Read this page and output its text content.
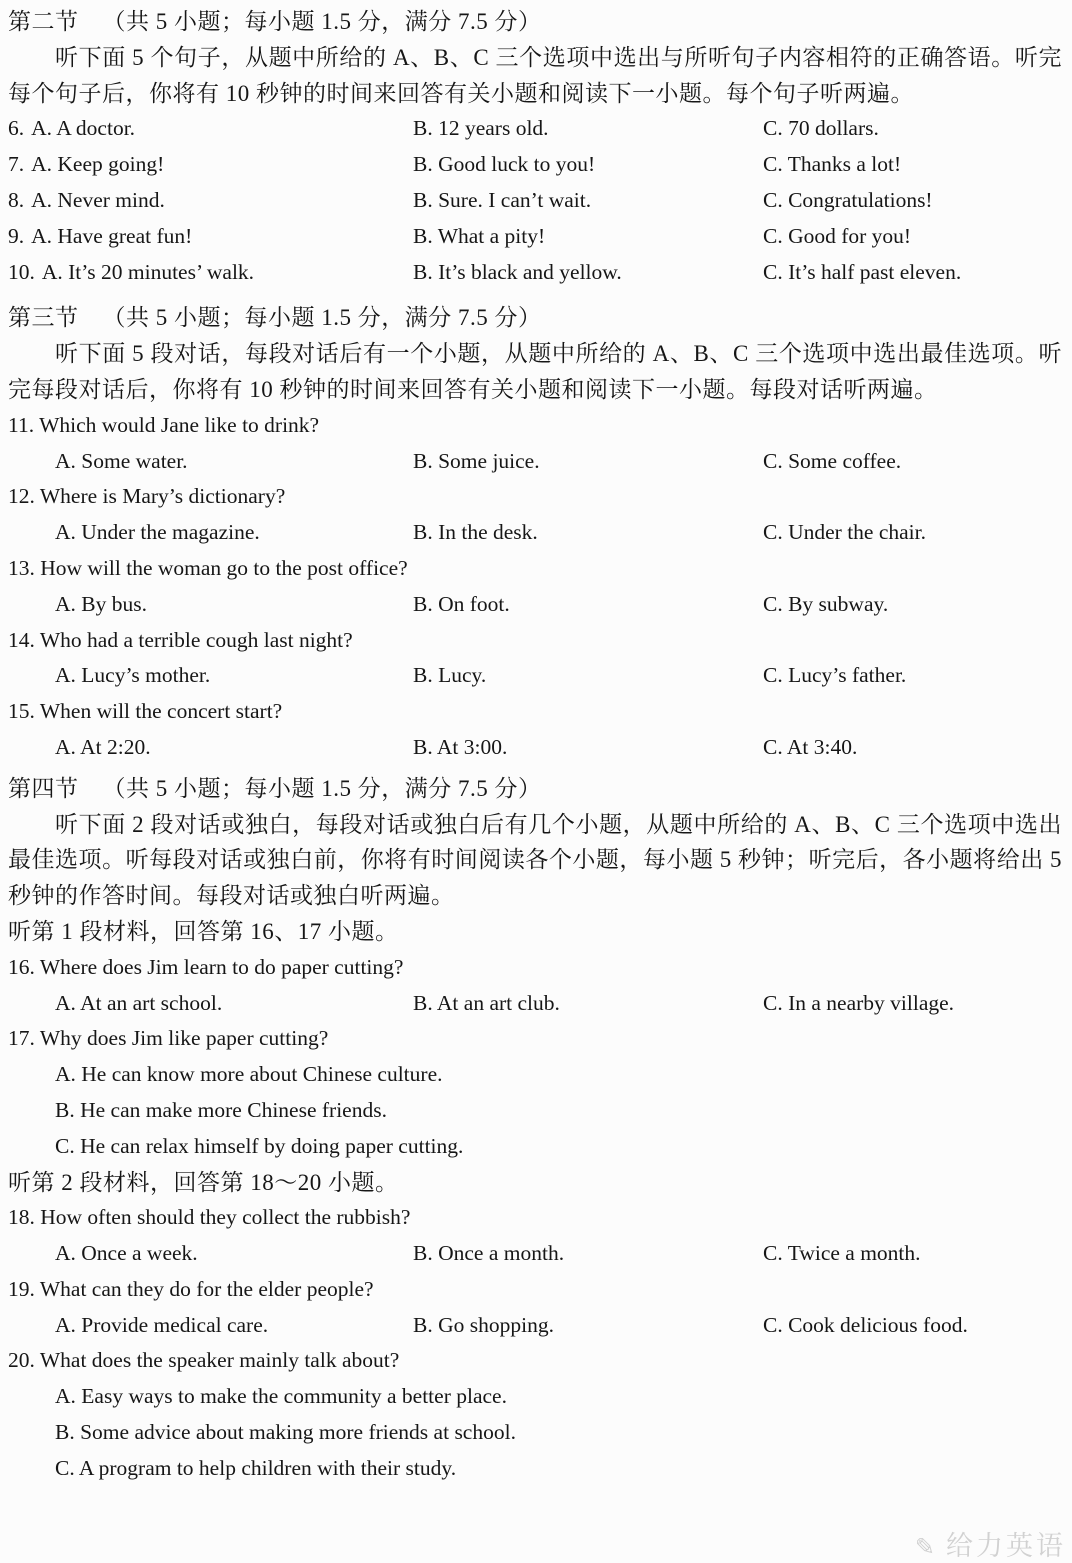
第二节 （共 5 小题；每小题 1.5 分，满分 7.5 分）

听下面 5 个句子，从题中所给的 A、B、C 三个选项中选出与所听句子内容相符的正确答语。听完每个句子后，你将有 10 秒钟的时间来回答有关小题和阅读下一小题。每个句子听两遍。

6. A. A doctor.	B. 12 years old.	C. 70 dollars.
7. A. Keep going!	B. Good luck to you!	C. Thanks a lot!
8. A. Never mind.	B. Sure. I can’t wait.	C. Congratulations!
9. A. Have great fun!	B. What a pity!	C. Good for you!
10. A. It’s 20 minutes’ walk.	B. It’s black and yellow.	C. It’s half past eleven.
第三节 （共 5 小题；每小题 1.5 分，满分 7.5 分）

听下面 5 段对话，每段对话后有一个小题，从题中所给的 A、B、C 三个选项中选出最佳选项。听完每段对话后，你将有 10 秒钟的时间来回答有关小题和阅读下一小题。每段对话听两遍。

11. Which would Jane like to drink?
A. Some water.	B. Some juice.	C. Some coffee.
12. Where is Mary’s dictionary?
A. Under the magazine.	B. In the desk.	C. Under the chair.
13. How will the woman go to the post office?
A. By bus.	B. On foot.	C. By subway.
14. Who had a terrible cough last night?
A. Lucy’s mother.	B. Lucy.	C. Lucy’s father.
15. When will the concert start?
A. At 2:20.	B. At 3:00.	C. At 3:40.
第四节 （共 5 小题；每小题 1.5 分，满分 7.5 分）

听下面 2 段对话或独白，每段对话或独白后有几个小题，从题中所给的 A、B、C 三个选项中选出最佳选项。听每段对话或独白前，你将有时间阅读各个小题，每小题 5 秒钟；听完后，各小题将给出 5 秒钟的作答时间。每段对话或独白听两遍。

听第 1 段材料，回答第 16、17 小题。
16. Where does Jim learn to do paper cutting?
A. At an art school.	B. At an art club.	C. In a nearby village.
17. Why does Jim like paper cutting?
A. He can know more about Chinese culture.
B. He can make more Chinese friends.
C. He can relax himself by doing paper cutting.
听第 2 段材料，回答第 18～20 小题。
18. How often should they collect the rubbish?
A. Once a week.	B. Once a month.	C. Twice a month.
19. What can they do for the elder people?
A. Provide medical care.	B. Go shopping.	C. Cook delicious food.
20. What does the speaker mainly talk about?
A. Easy ways to make the community a better place.
B. Some advice about making more friends at school.
C. A program to help children with their study.
✎ 给力英语
